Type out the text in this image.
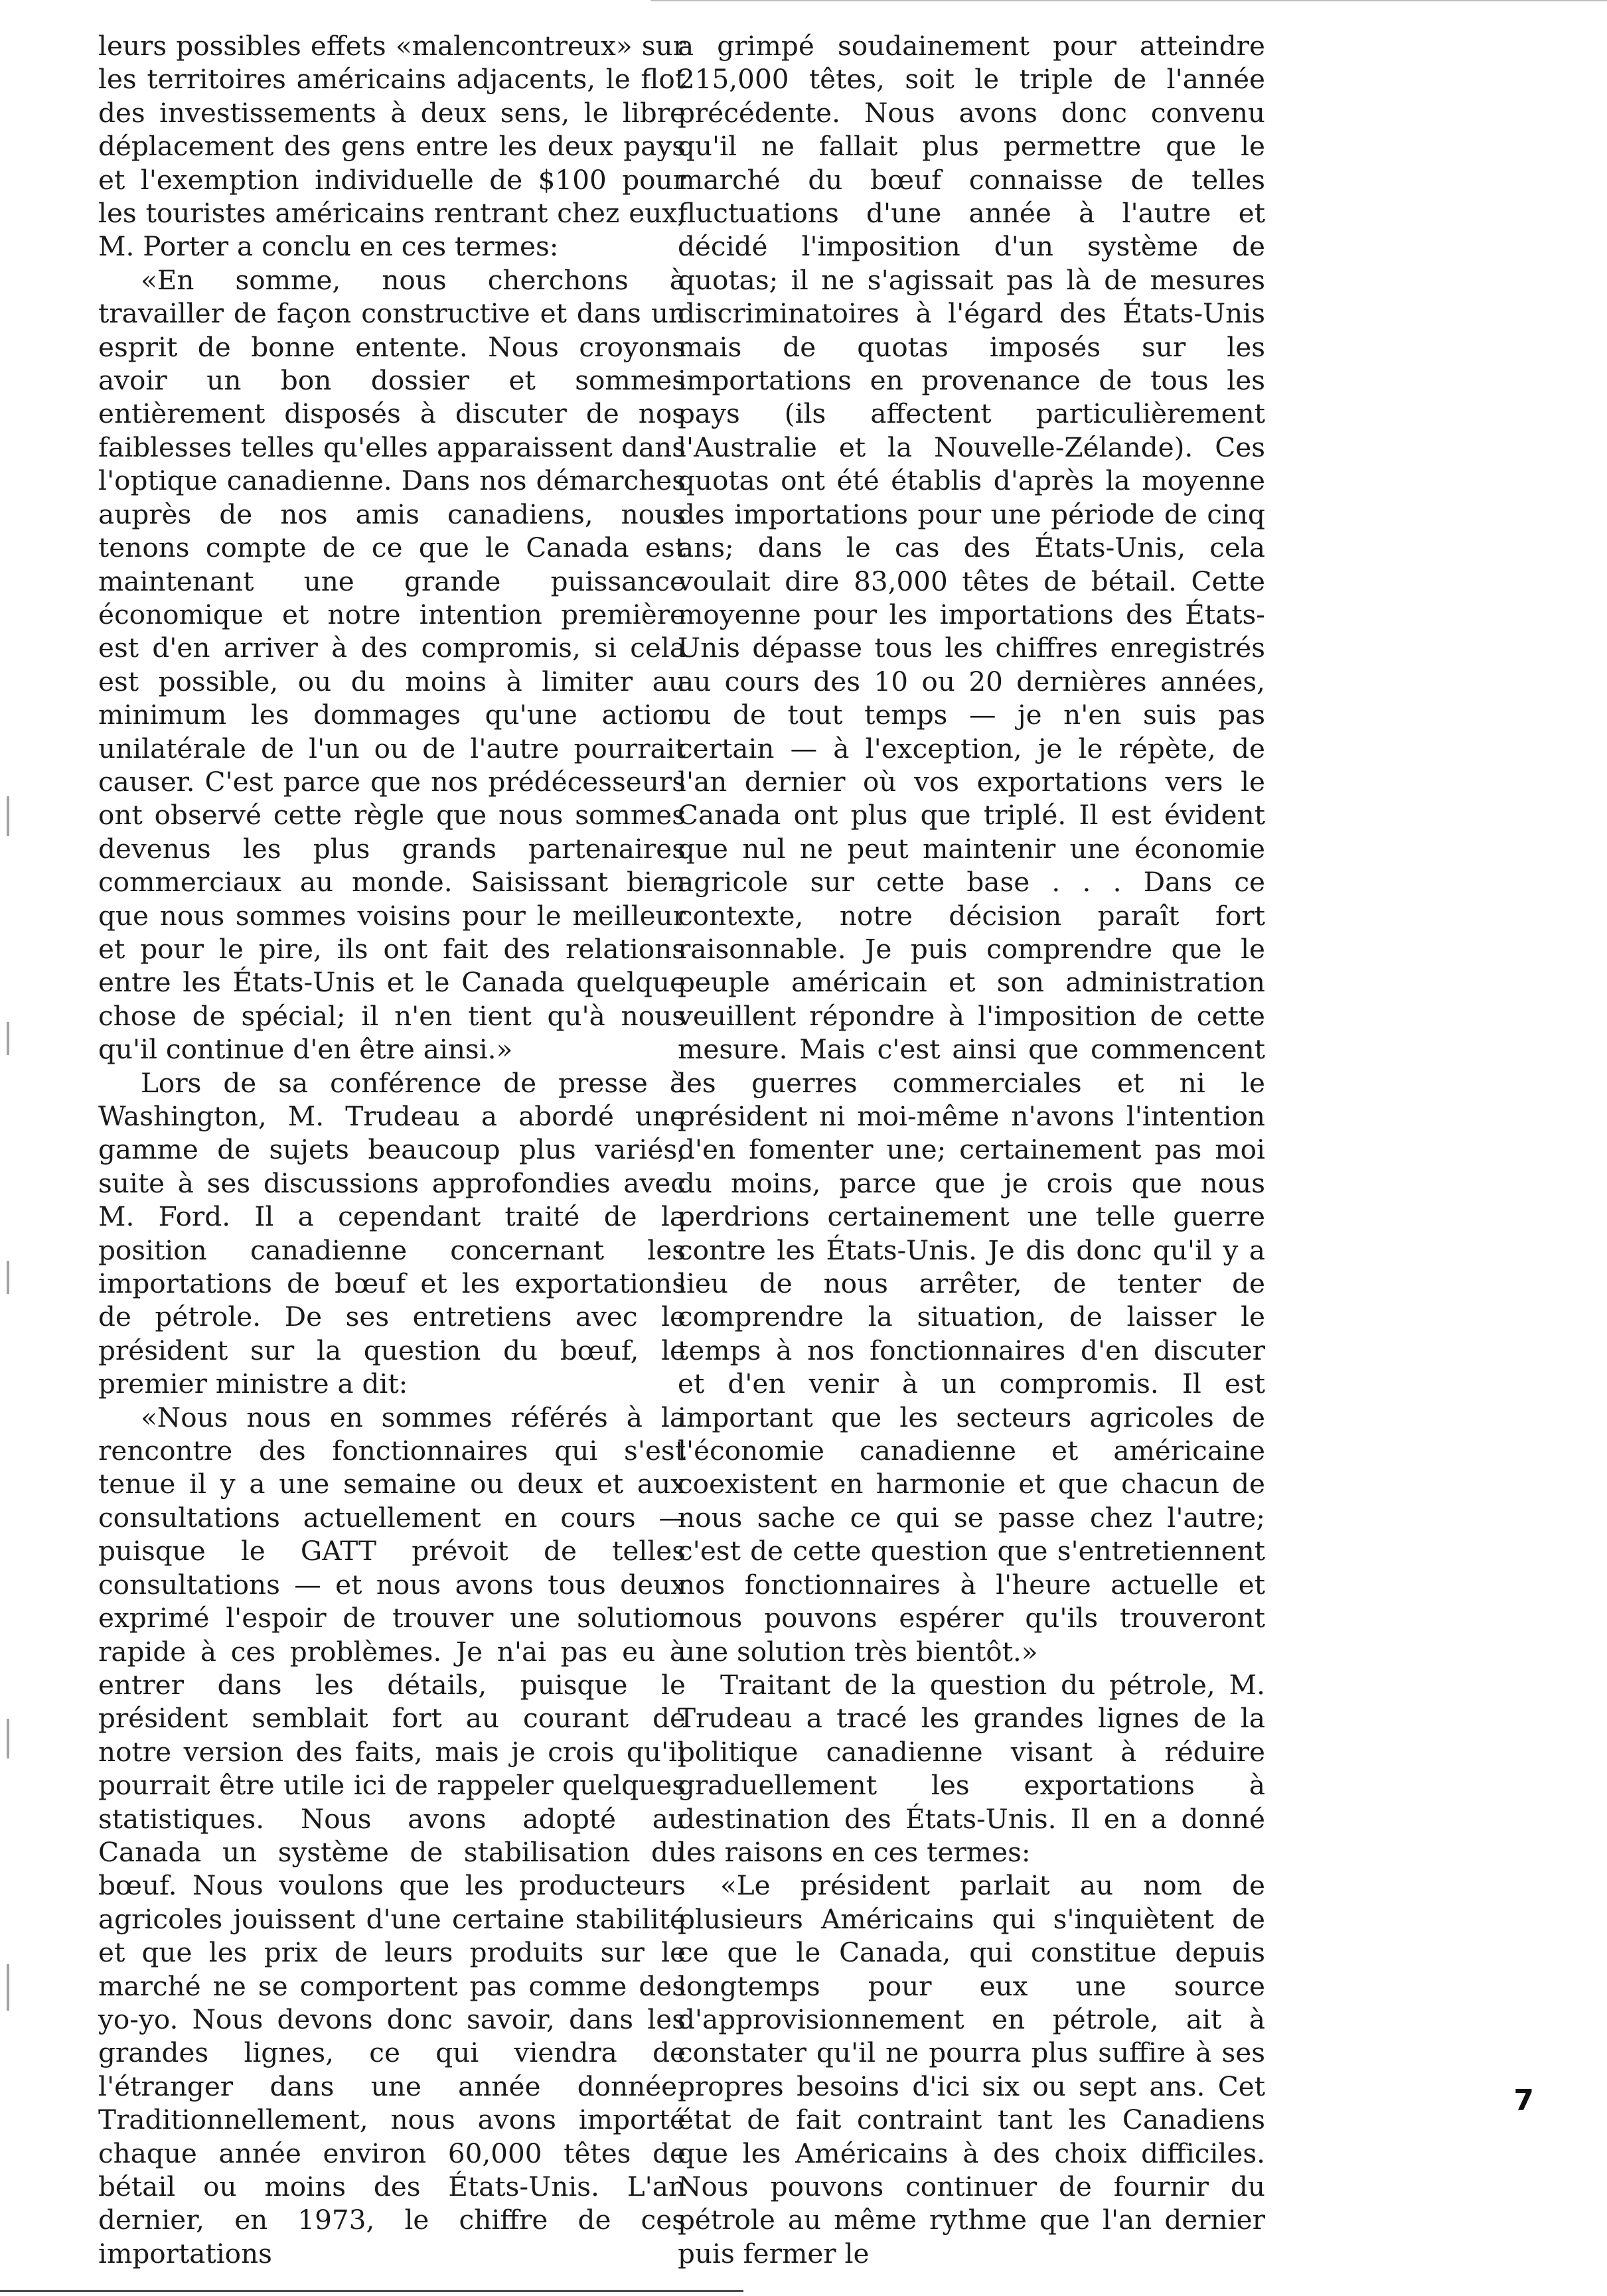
leurs possibles effets «malencontreux» sur les territoires américains adjacents, le flot des investissements à deux sens, le libre déplacement des gens entre les deux pays et l'exemption individuelle de $100 pour les touristes américains rentrant chez eux, M. Porter a conclu en ces termes:

«En somme, nous cherchons à travailler de façon constructive et dans un esprit de bonne entente. Nous croyons avoir un bon dossier et sommes entièrement disposés à discuter de nos faiblesses telles qu'elles apparaissent dans l'optique canadienne. Dans nos démarches auprès de nos amis canadiens, nous tenons compte de ce que le Canada est maintenant une grande puissance économique et notre intention première est d'en arriver à des compromis, si cela est possible, ou du moins à limiter au minimum les dommages qu'une action unilatérale de l'un ou de l'autre pourrait causer. C'est parce que nos prédécesseurs ont observé cette règle que nous sommes devenus les plus grands partenaires commerciaux au monde. Saisissant bien que nous sommes voisins pour le meilleur et pour le pire, ils ont fait des relations entre les États-Unis et le Canada quelque chose de spécial; il n'en tient qu'à nous qu'il continue d'en être ainsi.»

Lors de sa conférence de presse à Washington, M. Trudeau a abordé une gamme de sujets beaucoup plus variés, suite à ses discussions approfondies avec M. Ford. Il a cependant traité de la position canadienne concernant les importations de bœuf et les exportations de pétrole. De ses entretiens avec le président sur la question du bœuf, le premier ministre a dit:

«Nous nous en sommes référés à la rencontre des fonctionnaires qui s'est tenue il y a une semaine ou deux et aux consultations actuellement en cours — puisque le GATT prévoit de telles consultations — et nous avons tous deux exprimé l'espoir de trouver une solution rapide à ces problèmes. Je n'ai pas eu à entrer dans les détails, puisque le président semblait fort au courant de notre version des faits, mais je crois qu'il pourrait être utile ici de rappeler quelques statistiques. Nous avons adopté au Canada un système de stabilisation du bœuf. Nous voulons que les producteurs agricoles jouissent d'une certaine stabilité et que les prix de leurs produits sur le marché ne se comportent pas comme des yo-yo. Nous devons donc savoir, dans les grandes lignes, ce qui viendra de l'étranger dans une année donnée. Traditionnellement, nous avons importé chaque année environ 60,000 têtes de bétail ou moins des États-Unis. L'an dernier, en 1973, le chiffre de ces importations

a grimpé soudainement pour atteindre 215,000 têtes, soit le triple de l'année précédente. Nous avons donc convenu qu'il ne fallait plus permettre que le marché du bœuf connaisse de telles fluctuations d'une année à l'autre et décidé l'imposition d'un système de quotas; il ne s'agissait pas là de mesures discriminatoires à l'égard des États-Unis mais de quotas imposés sur les importations en provenance de tous les pays (ils affectent particulièrement l'Australie et la Nouvelle-Zélande). Ces quotas ont été établis d'après la moyenne des importations pour une période de cinq ans; dans le cas des États-Unis, cela voulait dire 83,000 têtes de bétail. Cette moyenne pour les importations des États-Unis dépasse tous les chiffres enregistrés au cours des 10 ou 20 dernières années, ou de tout temps — je n'en suis pas certain — à l'exception, je le répète, de l'an dernier où vos exportations vers le Canada ont plus que triplé. Il est évident que nul ne peut maintenir une économie agricole sur cette base . . . Dans ce contexte, notre décision paraît fort raisonnable. Je puis comprendre que le peuple américain et son administration veuillent répondre à l'imposition de cette mesure. Mais c'est ainsi que commencent les guerres commerciales et ni le président ni moi-même n'avons l'intention d'en fomenter une; certainement pas moi du moins, parce que je crois que nous perdrions certainement une telle guerre contre les États-Unis. Je dis donc qu'il y a lieu de nous arrêter, de tenter de comprendre la situation, de laisser le temps à nos fonctionnaires d'en discuter et d'en venir à un compromis. Il est important que les secteurs agricoles de l'économie canadienne et américaine coexistent en harmonie et que chacun de nous sache ce qui se passe chez l'autre; c'est de cette question que s'entretiennent nos fonctionnaires à l'heure actuelle et nous pouvons espérer qu'ils trouveront une solution très bientôt.»

Traitant de la question du pétrole, M. Trudeau a tracé les grandes lignes de la politique canadienne visant à réduire graduellement les exportations à destination des États-Unis. Il en a donné les raisons en ces termes:

«Le président parlait au nom de plusieurs Américains qui s'inquiètent de ce que le Canada, qui constitue depuis longtemps pour eux une source d'approvisionnement en pétrole, ait à constater qu'il ne pourra plus suffire à ses propres besoins d'ici six ou sept ans. Cet état de fait contraint tant les Canadiens que les Américains à des choix difficiles. Nous pouvons continuer de fournir du pétrole au même rythme que l'an dernier puis fermer le

7
